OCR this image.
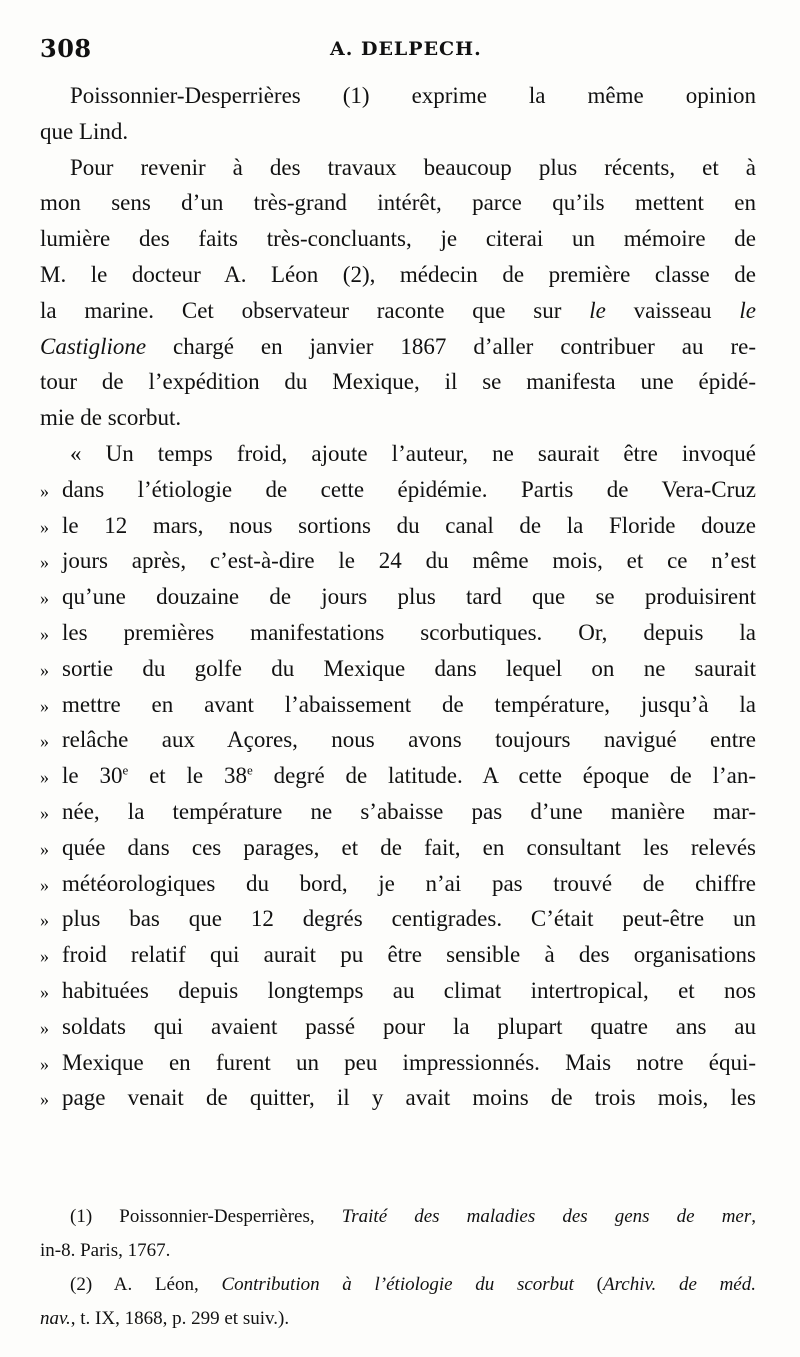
308	A. DELPECH.
Poissonnier-Desperrières (1) exprime la même opinion
que Lind.
Pour revenir à des travaux beaucoup plus récents, et à
mon sens d’un très-grand intérêt, parce qu’ils mettent en
lumière des faits très-concluants, je citerai un mémoire de
M. le docteur A. Léon (2), médecin de première classe de
la marine. Cet observateur raconte que sur le vaisseau le
Castiglione chargé en janvier 1867 d’aller contribuer au re-
tour de l’expédition du Mexique, il se manifesta une épidé-
mie de scorbut.
« Un temps froid, ajoute l’auteur, ne saurait être invoqué
» dans l’étiologie de cette épidémie. Partis de Vera-Cruz
» le 12 mars, nous sortions du canal de la Floride douze
» jours après, c’est-à-dire le 24 du même mois, et ce n’est
» qu’une douzaine de jours plus tard que se produisirent
» les premières manifestations scorbutiques. Or, depuis la
» sortie du golfe du Mexique dans lequel on ne saurait
» mettre en avant l’abaissement de température, jusqu’à la
» relâche aux Açores, nous avons toujours navigué entre
» le 30e et le 38e degré de latitude. A cette époque de l’an-
» née, la température ne s’abaisse pas d’une manière mar-
» quée dans ces parages, et de fait, en consultant les relevés
» météorologiques du bord, je n’ai pas trouvé de chiffre
» plus bas que 12 degrés centigrades. C’était peut-être un
» froid relatif qui aurait pu être sensible à des organisations
» habituées depuis longtemps au climat intertropical, et nos
» soldats qui avaient passé pour la plupart quatre ans au
» Mexique en furent un peu impressionnés. Mais notre équi-
» page venait de quitter, il y avait moins de trois mois, les
(1) Poissonnier-Desperrières, Traité des maladies des gens de mer,
in-8. Paris, 1767.
(2) A. Léon, Contribution à l’étiologie du scorbut (Archiv. de méd.
nav., t. IX, 1868, p. 299 et suiv.).
